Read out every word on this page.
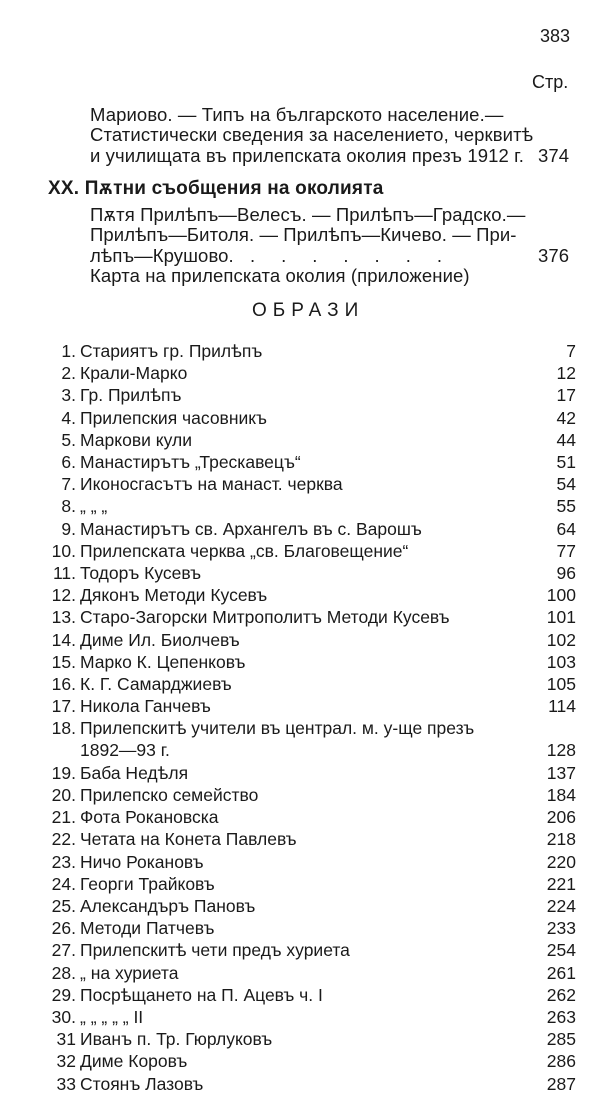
383
Стр.
Мариово. — Типъ на българското население.—
Статистически сведения за населението, черквитѣ
и училищата въ прилепската околия презъ 1912 г. 374
XX. Пѫтни съобщения на околията
Пѫтя Прилѣпъ—Велесъ. — Прилѣпъ—Градско.—
Прилѣпъ—Битоля. — Прилѣпъ—Кичево. — При-
лѣпъ—Крушово. .......	376
Карта на прилепската околия (приложение)
ОБРАЗИ
1. Стариятъ гр. Прилѣпъ	7
2. Крали-Марко	12
3. Гр. Прилѣпъ	17
4. Прилепския часовникъ	42
5. Маркови кули	44
6. Манастирътъ „Трескавецъ“	51
7. Иконосгасътъ на манаст. черква	54
8. „ „ „	55
9. Манастирътъ св. Архангелъ въ с. Варошъ	64
10. Прилепската черква „св. Благовещение“	77
11. Тодоръ Кусевъ	96
12. Дяконъ Методи Кусевъ	100
13. Старо-Загорски Митрополитъ Методи Кусевъ	101
14. Диме Ил. Биолчевъ	102
15. Марко К. Цепенковъ	103
16. К. Г. Самарджиевъ	105
17. Никола Ганчевъ	114
18. Прилепскитѣ учители въ централ. м. у-ще презъ
1892—93 г.	128
19. Баба Недѣля	137
20. Прилепско семейство	184
21. Фота Рокановска	206
22. Четата на Конета Павлевъ	218
23. Ничо Рокановъ	220
24. Георги Трайковъ	221
25. Александъръ Пановъ	224
26. Методи Патчевъ	233
27. Прилепскитѣ чети предъ хуриета	254
28. „ на хуриета	261
29. Посрѣщането на П. Ацевъ ч. I	262
30. „ „ „ „ „ II	263
31 Иванъ п. Тр. Гюрлуковъ	285
32 Диме Коровъ	286
33 Стоянъ Лазовъ	287
